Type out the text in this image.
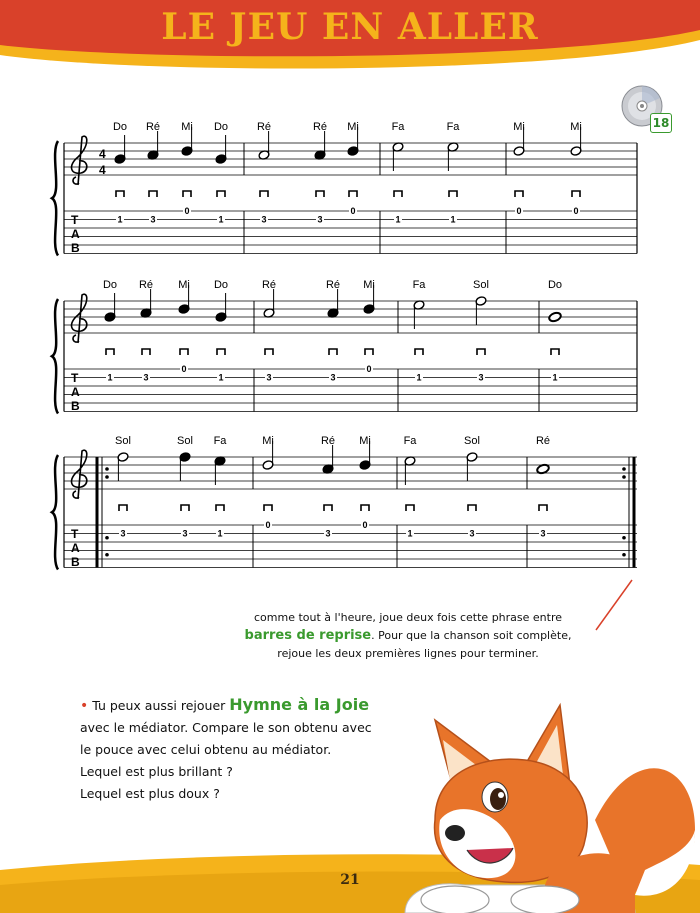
LE JEU EN ALLER
18
T
A
B
4
4
Do
1
Ré
3
Mi
0
Do
1
Ré
3
Ré
3
Mi
0
Fa
1
Fa
1
Mi
0
Mi
0
T
A
B
Do
1
Ré
3
Mi
0
Do
1
Ré
3
Ré
3
Mi
0
Fa
1
Sol
3
Do
1
T
A
B
Sol
3
Sol
3
Fa
1
Mi
0
Ré
3
Mi
0
Fa
1
Sol
3
Ré
3
comme tout à l'heure, joue deux fois cette phrase entre
barres de reprise. Pour que la chanson soit complète,
rejoue les deux premières lignes pour terminer.
• Tu peux aussi rejouer Hymne à la Joie
avec le médiator. Compare le son obtenu avec
le pouce avec celui obtenu au médiator.
Lequel est plus brillant ?
Lequel est plus doux ?
21
